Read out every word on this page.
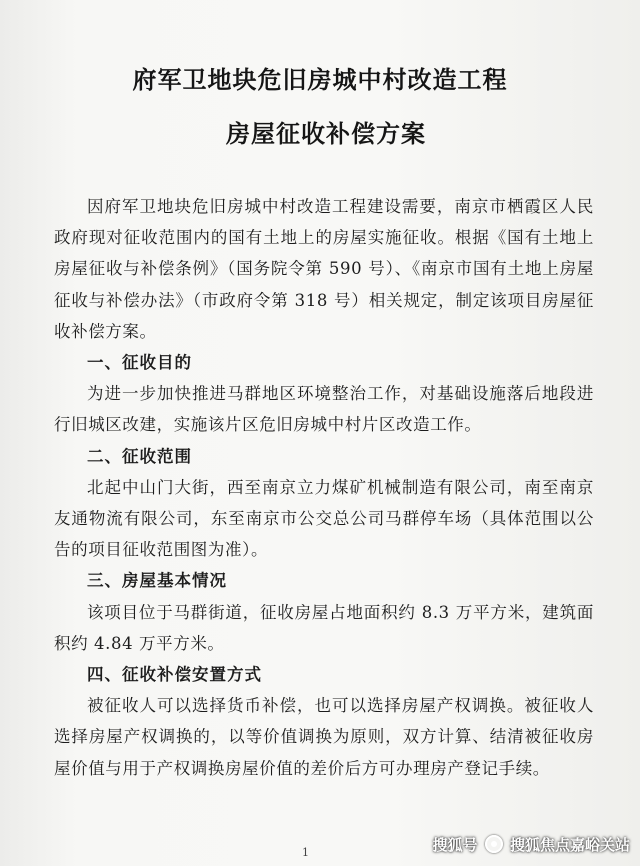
府军卫地块危旧房城中村改造工程
房屋征收补偿方案

因府军卫地块危旧房城中村改造工程建设需要，南京市栖霞区人民政府现对征收范围内的国有土地上的房屋实施征收。根据《国有土地上房屋征收与补偿条例》（国务院令第 590 号）、《南京市国有土地上房屋征收与补偿办法》（市政府令第 318 号）相关规定，制定该项目房屋征收补偿方案。

一、征收目的

为进一步加快推进马群地区环境整治工作，对基础设施落后地段进行旧城区改建，实施该片区危旧房城中村片区改造工作。

二、征收范围

北起中山门大街，西至南京立力煤矿机械制造有限公司，南至南京友通物流有限公司，东至南京市公交总公司马群停车场（具体范围以公告的项目征收范围图为准）。

三、房屋基本情况

该项目位于马群街道，征收房屋占地面积约 8.3 万平方米，建筑面积约 4.84 万平方米。

四、征收补偿安置方式

被征收人可以选择货币补偿，也可以选择房屋产权调换。被征收人选择房屋产权调换的，以等价值调换为原则，双方计算、结清被征收房屋价值与用于产权调换房屋价值的差价后方可办理房产登记手续。

1	搜狐号 搜狐焦点嘉峪关站
